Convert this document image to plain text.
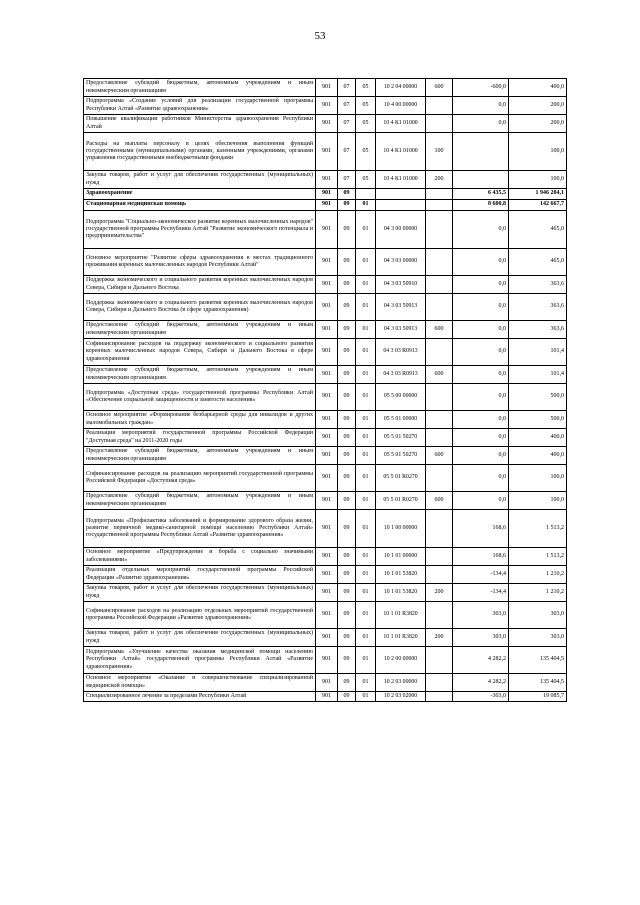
53
Предоставление субсидий бюджетным, автономным учреждениям и иным некоммерческим организациям	901	07	05	10 2 04 00000	600	-600,0	400,0
Подпрограмма «Создание условий для реализации государственной программы Республики Алтай «Развитие здравоохранения»	901	07	05	10 4 00 00000		0,0	200,0
Повышение квалификации работников Министерства здравоохранения Республики Алтай	901	07	05	10 4 К1 01000		0,0	200,0
Расходы на выплаты персоналу в целях обеспечения выполнения функций государственными (муниципальными) органами, казенными учреждениями, органами управления государственными внебюджетными фондами	901	07	05	10 4 К1 01000	100		100,0
Закупка товаров, работ и услуг для обеспечения государственных (муниципальных) нужд	901	07	05	10 4 К1 01000	200		100,0
Здравоохранение	901	09				6 435,5	1 946 284,1
Стационарная медицинская помощь	901	09	01			8 600,8	142 667,7
Подпрограмма "Социально-экономическое развитие коренных малочисленных народов" государственной программы Республики Алтай "Развитие экономического потенциала и предпринимательства"	901	09	01	04 3 00 00000		0,0	465,0
Основное мероприятие "Развитие сферы здравоохранения в местах традиционного проживания коренных малочисленных народов Республики Алтай"	901	09	01	04 3 03 00000		0,0	465,0
Поддержка экономического и социального развития коренных малочисленных народов Севера, Сибири и Дальнего Востока	901	09	01	04 3 03 50910		0,0	363,6
Поддержка экономического и социального развития коренных малочисленных народов Севера, Сибири и Дальнего Востока (в сфере здравоохранения)	901	09	01	04 3 03 50913		0,0	363,6
Предоставление субсидий бюджетным, автономным учреждениям и иным некоммерческим организациям	901	09	01	04 3 03 50913	600	0,0	363,6
Софинансирование расходов на поддержку экономического и социального развития коренных малочисленных народов Севера, Сибири и Дальнего Востока в сфере здравоохранения	901	09	01	04 3 03 R0913		0,0	101,4
Предоставление субсидий бюджетным, автономным учреждениям и иным некоммерческим организациям	901	09	01	04 3 03 R0913	600	0,0	101,4
Подпрограмма «Доступная среда» государственной программы Республики Алтай «Обеспечение социальной защищенности и занятости населения»	901	09	01	05 5 00 00000		0,0	500,0
Основное мероприятие «Формирование безбарьерной среды для инвалидов и других маломобильных граждан»	901	09	01	05 5 01 00000		0,0	500,0
Реализация мероприятий государственной программы Российской Федерации "Доступная среда" на 2011-2020 годы	901	09	01	05 5 01 50270		0,0	400,0
Предоставление субсидий бюджетным, автономным учреждениям и иным некоммерческим организациям	901	09	01	05 5 01 50270	600	0,0	400,0
Софинансирование расходов на реализацию мероприятий государственной программы Российской Федерации «Доступная среда»	901	09	01	05 5 01 R0270		0,0	100,0
Предоставление субсидий бюджетным, автономным учреждениям и иным некоммерческим организациям	901	09	01	05 5 01 R0270	600	0,0	100,0
Подпрограмма «Профилактика заболеваний и формирование здорового образа жизни, развитие первичной медико-санитарной помощи населению Республики Алтай» государственной программы Республики Алтай «Развитие здравоохранения»	901	09	01	10 1 00 00000		168,6	1 513,2
Основное мероприятие «Предупреждение и борьба с социально значимыми заболеваниями»	901	09	01	10 1 01 00000		168,6	1 513,2
Реализация отдельных мероприятий государственной программы Российской Федерации «Развитие здравоохранения»	901	09	01	10 1 01 53820		-134,4	1 210,2
Закупка товаров, работ и услуг для обеспечения государственных (муниципальных) нужд	901	09	01	10 1 01 53820	200	-134,4	1 210,2
Софинансирование расходов на реализацию отдельных мероприятий государственной программы Российской Федерации «Развитие здравоохранения»	901	09	01	10 1 01 R3820		303,0	303,0
Закупка товаров, работ и услуг для обеспечения государственных (муниципальных) нужд	901	09	01	10 1 01 R3820	200	303,0	303,0
Подпрограмма «Улучшение качества оказания медицинской помощи населению Республики Алтай» государственной программы Республики Алтай «Развитие здравоохранения»	901	09	01	10 2 00 00000		4 282,2	135 404,5
Основное мероприятие «Оказание и совершенствование специализированной медицинской помощи»	901	09	01	10 2 03 00000		4 282,2	135 404,5
Специализированное лечение за пределами Республики Алтай	901	09	01	10 2 03 02000		-303,0	19 085,7
